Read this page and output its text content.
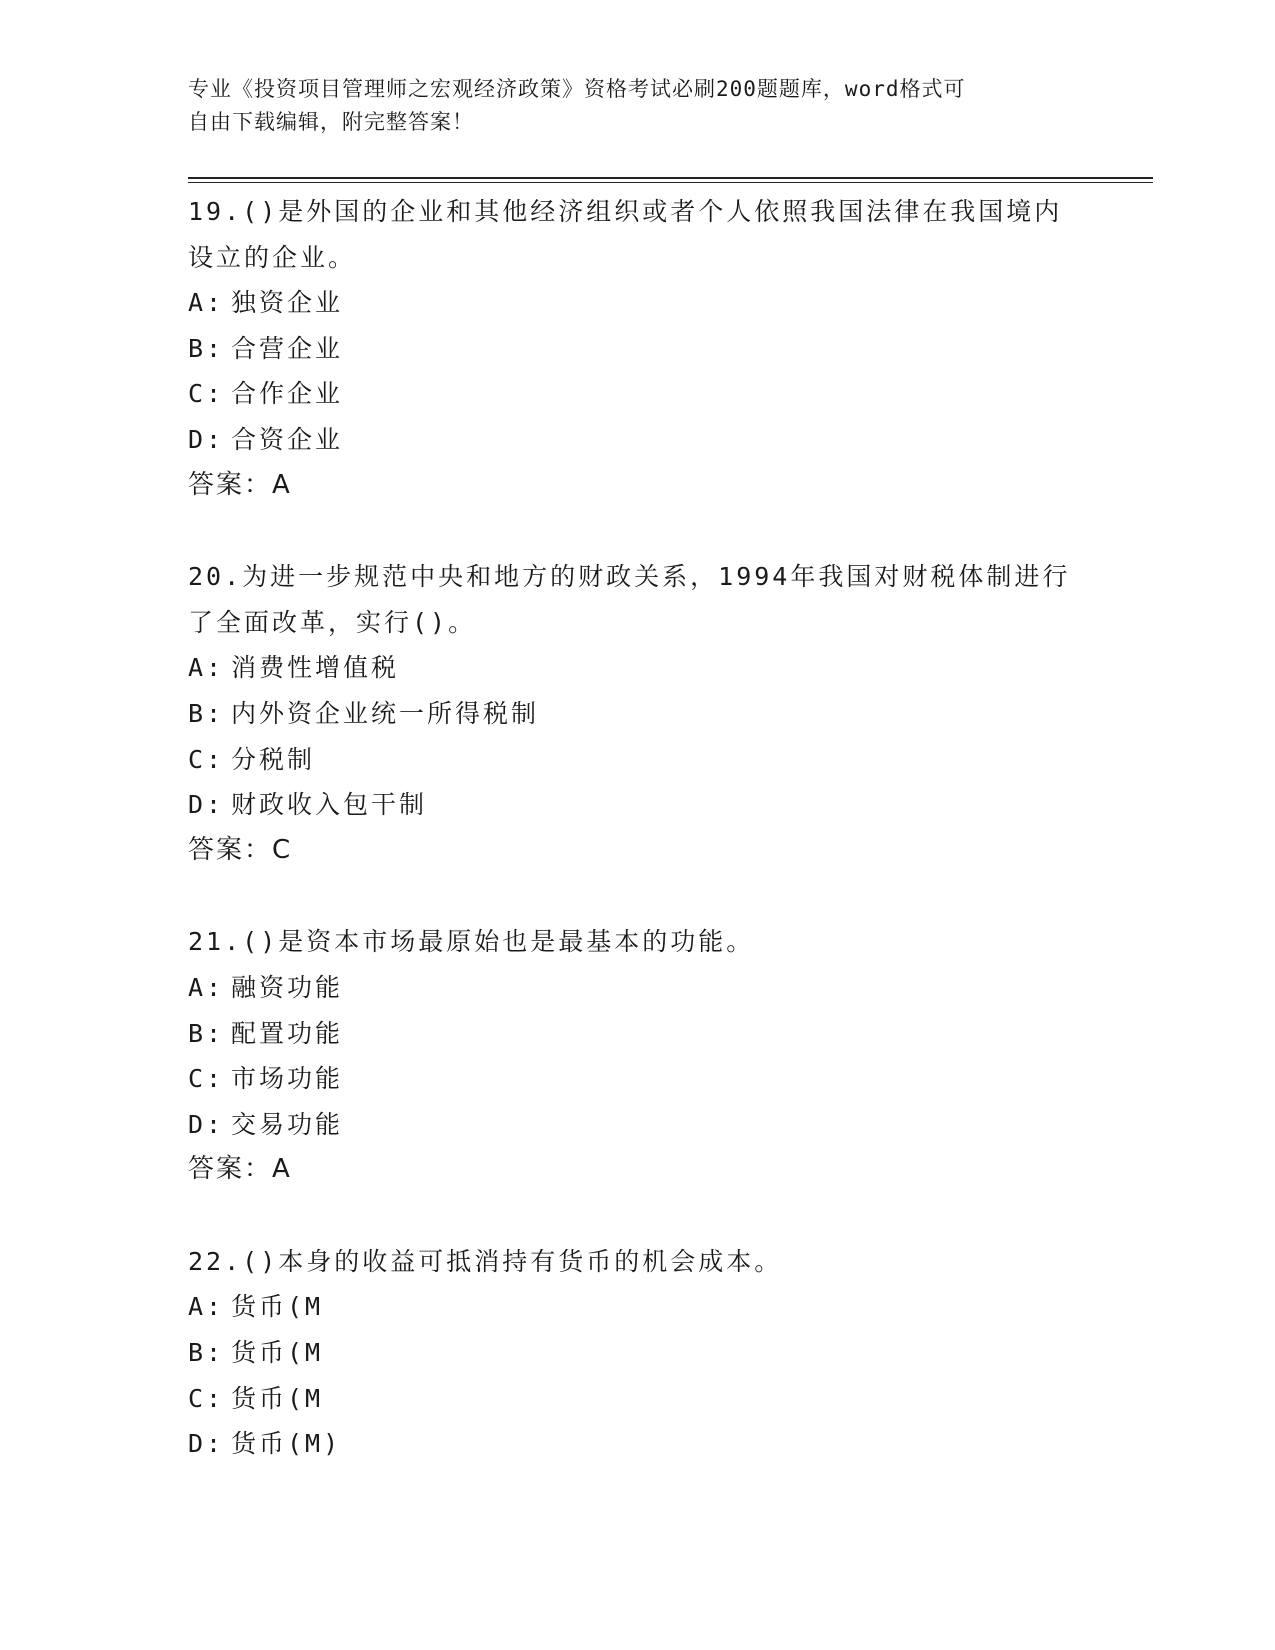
专业《投资项目管理师之宏观经济政策》资格考试必刷200题题库，word格式可
自由下载编辑，附完整答案！
19.()是外国的企业和其他经济组织或者个人依照我国法律在我国境内
设立的企业。
A: 独资企业
B: 合营企业
C: 合作企业
D: 合资企业
答案：A
20.为进一步规范中央和地方的财政关系，1994年我国对财税体制进行
了全面改革，实行()。
A: 消费性增值税
B: 内外资企业统一所得税制
C: 分税制
D: 财政收入包干制
答案：C
21.()是资本市场最原始也是最基本的功能。
A: 融资功能
B: 配置功能
C: 市场功能
D: 交易功能
答案：A
22.()本身的收益可抵消持有货币的机会成本。
A: 货币(M
B: 货币(M
C: 货币(M
D: 货币(M)
